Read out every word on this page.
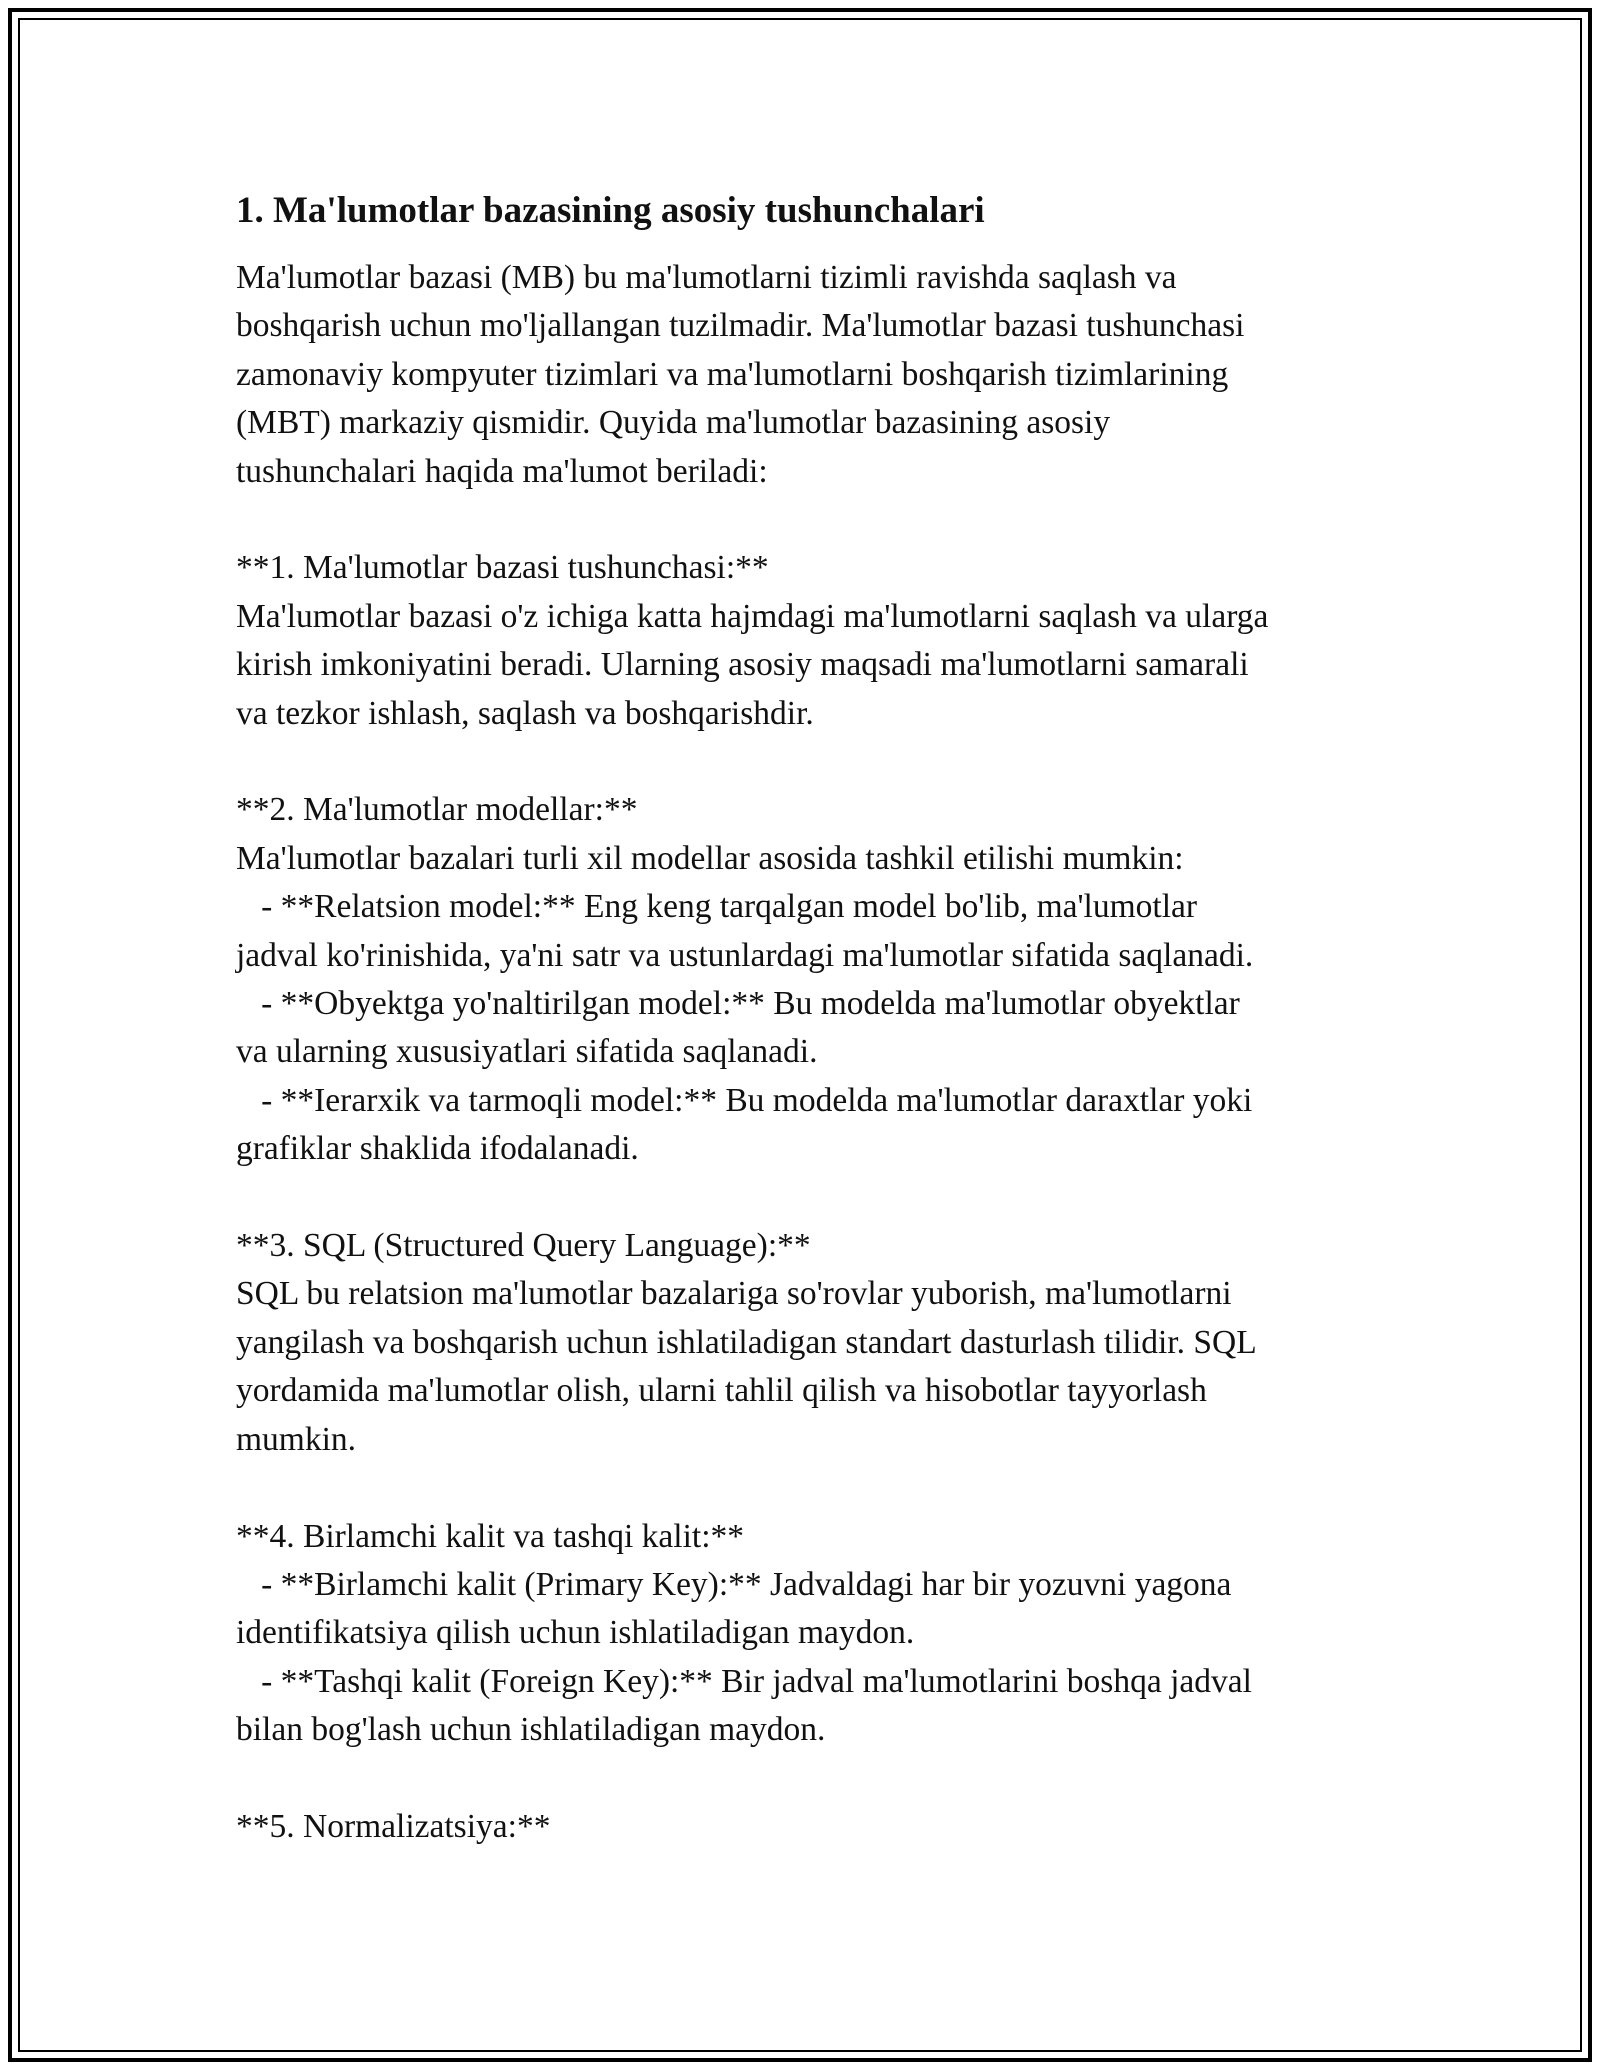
1. Ma'lumotlar bazasining asosiy tushunchalari
Ma'lumotlar bazasi (MB) bu ma'lumotlarni tizimli ravishda saqlash va
boshqarish uchun mo'ljallangan tuzilmadir. Ma'lumotlar bazasi tushunchasi
zamonaviy kompyuter tizimlari va ma'lumotlarni boshqarish tizimlarining
(MBT) markaziy qismidir. Quyida ma'lumotlar bazasining asosiy
tushunchalari haqida ma'lumot beriladi:
**1. Ma'lumotlar bazasi tushunchasi:**
Ma'lumotlar bazasi o'z ichiga katta hajmdagi ma'lumotlarni saqlash va ularga
kirish imkoniyatini beradi. Ularning asosiy maqsadi ma'lumotlarni samarali
va tezkor ishlash, saqlash va boshqarishdir.
**2. Ma'lumotlar modellar:**
Ma'lumotlar bazalari turli xil modellar asosida tashkil etilishi mumkin:
- **Relatsion model:** Eng keng tarqalgan model bo'lib, ma'lumotlar
jadval ko'rinishida, ya'ni satr va ustunlardagi ma'lumotlar sifatida saqlanadi.
- **Obyektga yo'naltirilgan model:** Bu modelda ma'lumotlar obyektlar
va ularning xususiyatlari sifatida saqlanadi.
- **Ierarxik va tarmoqli model:** Bu modelda ma'lumotlar daraxtlar yoki
grafiklar shaklida ifodalanadi.
**3. SQL (Structured Query Language):**
SQL bu relatsion ma'lumotlar bazalariga so'rovlar yuborish, ma'lumotlarni
yangilash va boshqarish uchun ishlatiladigan standart dasturlash tilidir. SQL
yordamida ma'lumotlar olish, ularni tahlil qilish va hisobotlar tayyorlash
mumkin.
**4. Birlamchi kalit va tashqi kalit:**
- **Birlamchi kalit (Primary Key):** Jadvaldagi har bir yozuvni yagona
identifikatsiya qilish uchun ishlatiladigan maydon.
- **Tashqi kalit (Foreign Key):** Bir jadval ma'lumotlarini boshqa jadval
bilan bog'lash uchun ishlatiladigan maydon.
**5. Normalizatsiya:**
